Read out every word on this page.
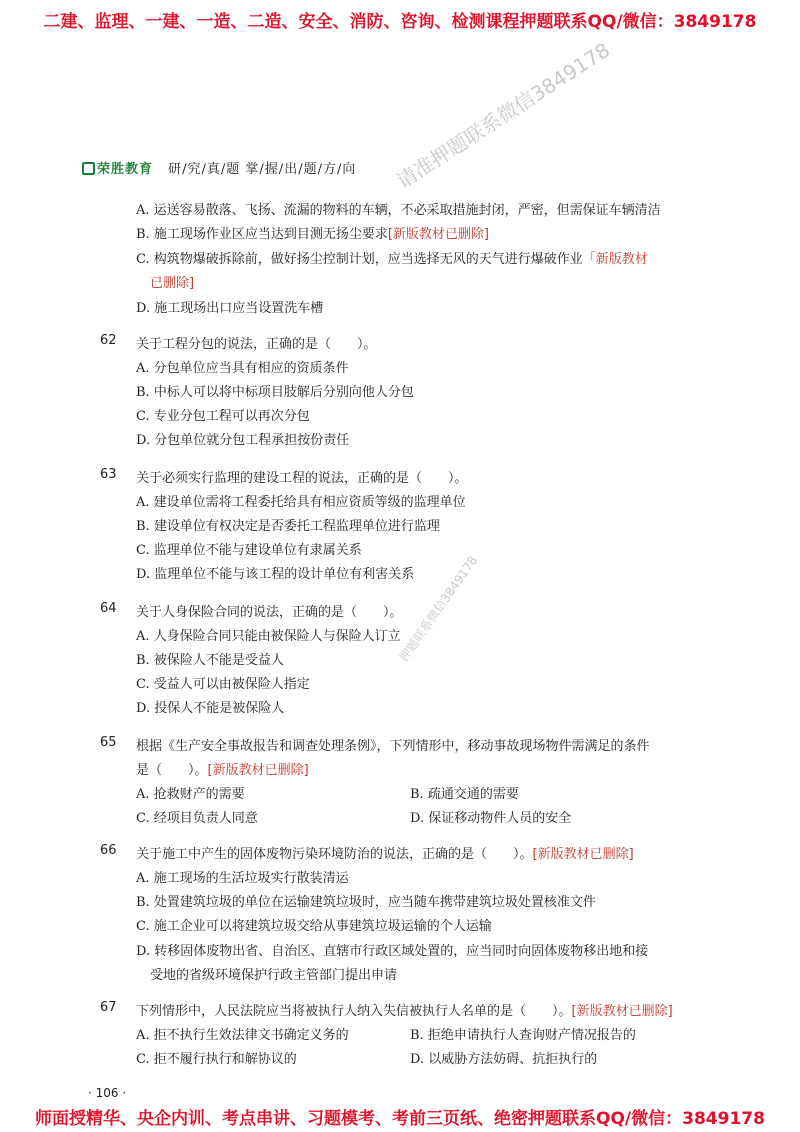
二建、监理、一建、一造、二造、安全、消防、咨询、检测课程押题联系QQ/微信：3849178
荣胜教育 研/究/真/题 掌/握/出/题/方/向 请准押题联系微信3849178
押题联系微信3849178
A. 运送容易散落、飞扬、流漏的物料的车辆，不必采取措施封闭，严密，但需保证车辆清洁
B. 施工现场作业区应当达到目测无扬尘要求[新版教材已删除]
C. 构筑物爆破拆除前，做好扬尘控制计划，应当选择无风的天气进行爆破作业「新版教材
已删除]
D. 施工现场出口应当设置洗车槽
62 关于工程分包的说法，正确的是（　　）。
A. 分包单位应当具有相应的资质条件
B. 中标人可以将中标项目肢解后分别向他人分包
C. 专业分包工程可以再次分包
D. 分包单位就分包工程承担按份责任
63 关于必须实行监理的建设工程的说法，正确的是（　　）。
A. 建设单位需将工程委托给具有相应资质等级的监理单位
B. 建设单位有权决定是否委托工程监理单位进行监理
C. 监理单位不能与建设单位有隶属关系
D. 监理单位不能与该工程的设计单位有利害关系
64 关于人身保险合同的说法，正确的是（　　）。
A. 人身保险合同只能由被保险人与保险人订立
B. 被保险人不能是受益人
C. 受益人可以由被保险人指定
D. 投保人不能是被保险人
65 根据《生产安全事故报告和调查处理条例》，下列情形中，移动事故现场物件需满足的条件
是（　　）。[新版教材已删除]
A. 抢救财产的需要	B. 疏通交通的需要
C. 经项目负责人同意	D. 保证移动物件人员的安全
66 关于施工中产生的固体废物污染环境防治的说法，正确的是（　　）。[新版教材已删除]
A. 施工现场的生活垃圾实行散装清运
B. 处置建筑垃圾的单位在运输建筑垃圾时，应当随车携带建筑垃圾处置核准文件
C. 施工企业可以将建筑垃圾交给从事建筑垃圾运输的个人运输
D. 转移固体废物出省、自治区、直辖市行政区域处置的，应当同时向固体废物移出地和接
受地的省级环境保护行政主管部门提出申请
67 下列情形中，人民法院应当将被执行人纳入失信被执行人名单的是（　　）。[新版教材已删除]
A. 拒不执行生效法律文书确定义务的	B. 拒绝申请执行人查询财产情况报告的
C. 拒不履行执行和解协议的	D. 以威胁方法妨碍、抗拒执行的
· 106 ·
师面授精华、央企内训、考点串讲、习题模考、考前三页纸、绝密押题联系QQ/微信：3849178
